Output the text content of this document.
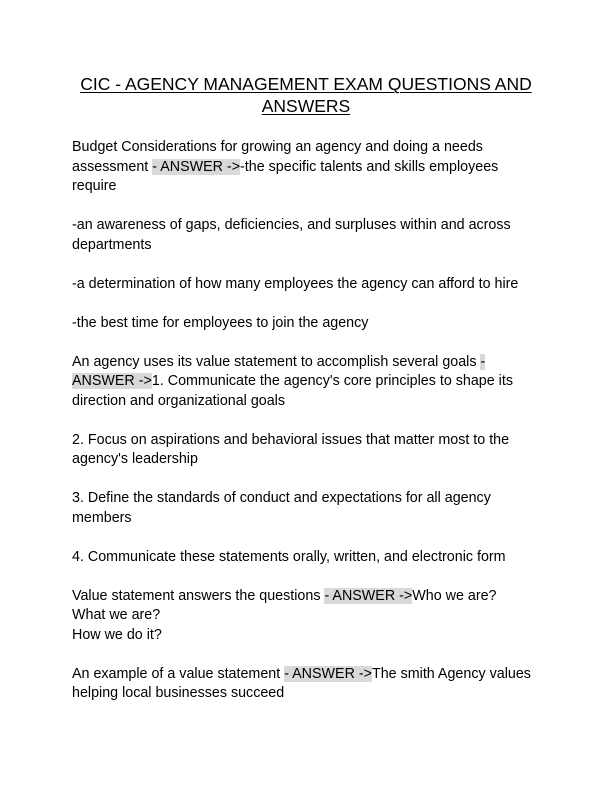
CIC - AGENCY MANAGEMENT EXAM QUESTIONS AND ANSWERS

Budget Considerations for growing an agency and doing a needs assessment - ANSWER ->-the specific talents and skills employees require

-an awareness of gaps, deficiencies, and surpluses within and across departments

-a determination of how many employees the agency can afford to hire

-the best time for employees to join the agency

An agency uses its value statement to accomplish several goals - ANSWER ->1. Communicate the agency's core principles to shape its direction and organizational goals

2. Focus on aspirations and behavioral issues that matter most to the agency's leadership

3. Define the standards of conduct and expectations for all agency members

4. Communicate these statements orally, written, and electronic form

Value statement answers the questions - ANSWER ->Who we are?
What we are?
How we do it?

An example of a value statement - ANSWER ->The smith Agency values helping local businesses succeed
